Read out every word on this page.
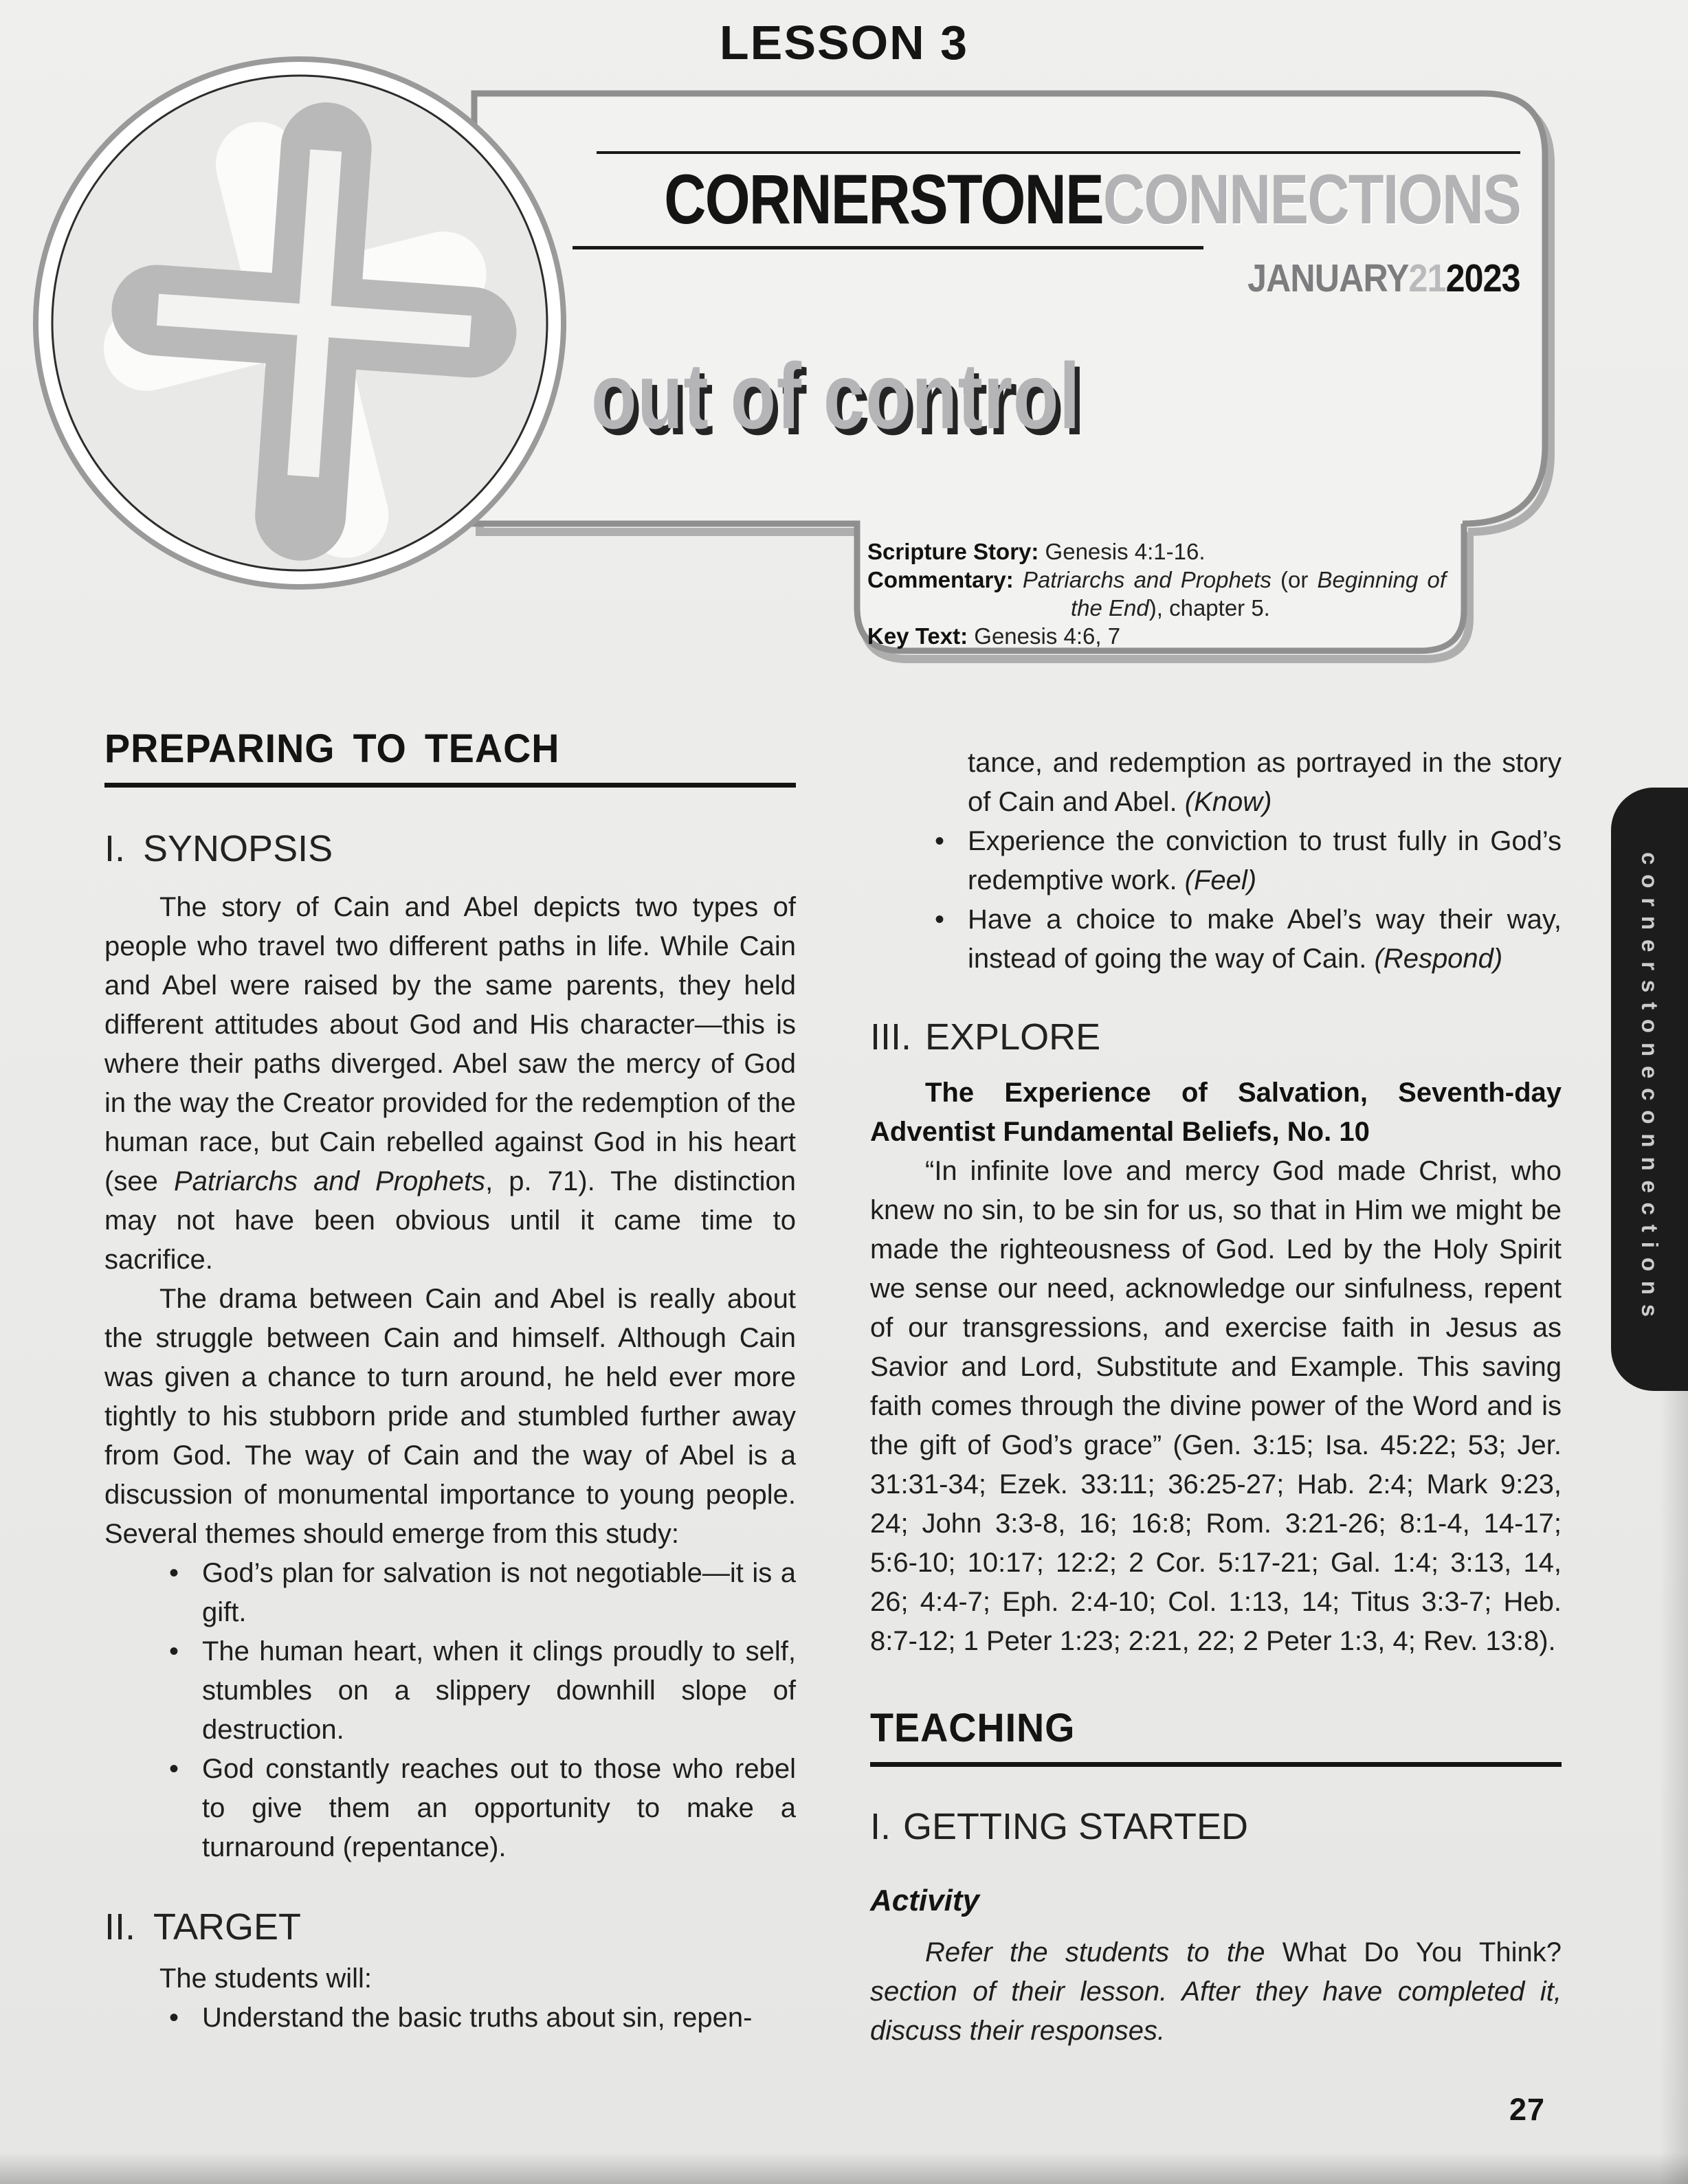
LESSON 3
CORNERSTONECONNECTIONS
JANUARY212023
out of control
Scripture Story: Genesis 4:1-16.
Commentary: Patriarchs and Prophets (or Beginning of the End), chapter 5.
Key Text: Genesis 4:6, 7
PREPARING TO TEACH
I. SYNOPSIS

The story of Cain and Abel depicts two types of people who travel two different paths in life. While Cain and Abel were raised by the same parents, they held different attitudes about God and His character—this is where their paths diverged. Abel saw the mercy of God in the way the Creator provided for the redemption of the human race, but Cain rebelled against God in his heart (see Patriarchs and Prophets, p. 71). The distinction may not have been obvious until it came time to sacrifice.

The drama between Cain and Abel is really about the struggle between Cain and himself. Although Cain was given a chance to turn around, he held ever more tightly to his stubborn pride and stumbled further away from God. The way of Cain and the way of Abel is a discussion of monumental importance to young people. Several themes should emerge from this study:

• God’s plan for salvation is not negotiable—it is a gift.
• The human heart, when it clings proudly to self, stumbles on a slippery downhill slope of destruction.
• God constantly reaches out to those who rebel to give them an opportunity to make a turnaround (repentance).
II. TARGET

The students will:

• Understand the basic truths about sin, repen-

tance, and redemption as portrayed in the story of Cain and Abel. (Know)

• Experience the conviction to trust fully in God’s redemptive work. (Feel)
• Have a choice to make Abel’s way their way, instead of going the way of Cain. (Respond)
III. EXPLORE

The Experience of Salvation, Seventh-day Adventist Fundamental Beliefs, No. 10

“In infinite love and mercy God made Christ, who knew no sin, to be sin for us, so that in Him we might be made the righteousness of God. Led by the Holy Spirit we sense our need, acknowledge our sinfulness, repent of our transgressions, and exercise faith in Jesus as Savior and Lord, Substitute and Example. This saving faith comes through the divine power of the Word and is the gift of God’s grace” (Gen. 3:15; Isa. 45:22; 53; Jer. 31:31-34; Ezek. 33:11; 36:25-27; Hab. 2:4; Mark 9:23, 24; John 3:3-8, 16; 16:8; Rom. 3:21-26; 8:1-4, 14-17; 5:6-10; 10:17; 12:2; 2 Cor. 5:17-21; Gal. 1:4; 3:13, 14, 26; 4:4-7; Eph. 2:4-10; Col. 1:13, 14; Titus 3:3-7; Heb. 8:7-12; 1 Peter 1:23; 2:21, 22; 2 Peter 1:3, 4; Rev. 13:8).

TEACHING
I. GETTING STARTED
Activity

Refer the students to the What Do You Think? section of their lesson. After they have completed it, discuss their responses.

cornerstoneconnections
27
